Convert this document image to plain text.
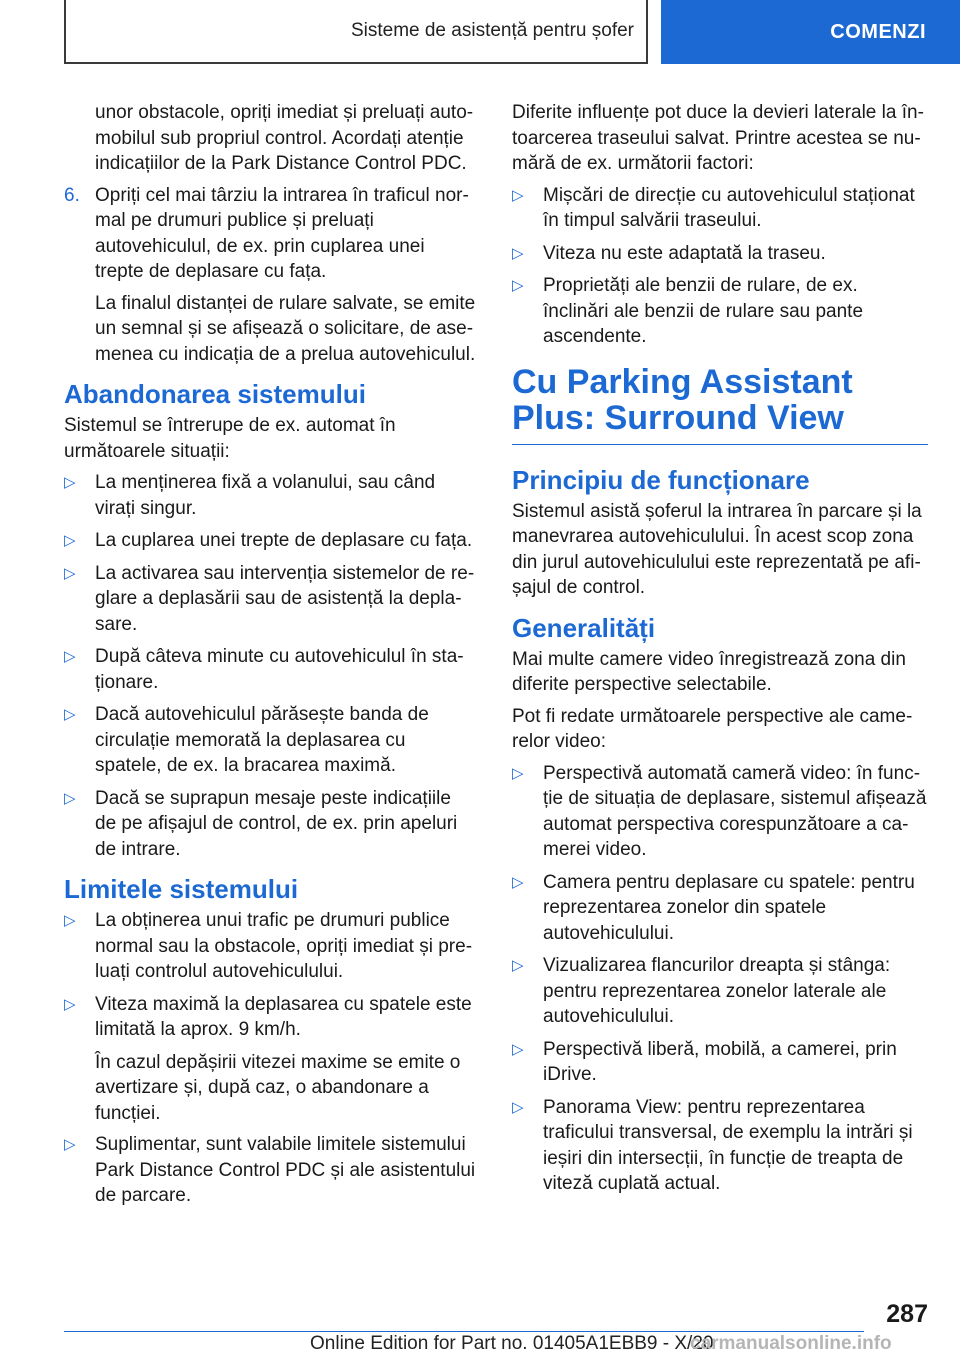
Sisteme de asistență pentru șofer	COMENZI

unor obstacole, opriți imediat și preluați automobilul sub propriul control. Acordați atenție indicațiilor de la Park Distance Control PDC.

6. Opriți cel mai târziu la intrarea în traficul normal pe drumuri publice și preluați autovehiculul, de ex. prin cuplarea unei trepte de deplasare cu fața.

La finalul distanței de rulare salvate, se emite un semnal și se afișează o solicitare, de asemenea cu indicația de a prelua autovehiculul.

Abandonarea sistemului

Sistemul se întrerupe de ex. automat în următoarele situații:

▷	La menținerea fixă a volanului, sau când virați singur.
▷	La cuplarea unei trepte de deplasare cu fața.
▷	La activarea sau intervenția sistemelor de reglare a deplasării sau de asistență la deplasare.
▷	După câteva minute cu autovehiculul în staționare.
▷	Dacă autovehiculul părăsește banda de circulație memorată la deplasarea cu spatele, de ex. la bracarea maximă.
▷	Dacă se suprapun mesaje peste indicațiile de pe afișajul de control, de ex. prin apeluri de intrare.
Limitele sistemului
▷	La obținerea unui trafic pe drumuri publice normal sau la obstacole, opriți imediat și preluați controlul autovehiculului.
▷	Viteza maximă la deplasarea cu spatele este limitată la aprox. 9 km/h.

În cazul depășirii vitezei maxime se emite o avertizare și, după caz, o abandonare a funcției.

▷	Suplimentar, sunt valabile limitele sistemului Park Distance Control PDC și ale asistentului de parcare.

Diferite influențe pot duce la devieri laterale la întoarcerea traseului salvat. Printre acestea se numără de ex. următorii factori:

▷	Mișcări de direcție cu autovehiculul staționat în timpul salvării traseului.
▷	Viteza nu este adaptată la traseu.
▷	Proprietăți ale benzii de rulare, de ex. înclinări ale benzii de rulare sau pante ascendente.
Cu Parking Assistant Plus: Surround View
Principiu de funcționare

Sistemul asistă șoferul la intrarea în parcare și la manevrarea autovehiculului. În acest scop zona din jurul autovehiculului este reprezentată pe afișajul de control.

Generalități

Mai multe camere video înregistrează zona din diferite perspective selectabile.

Pot fi redate următoarele perspective ale camerelor video:

▷	Perspectivă automată cameră video: în funcție de situația de deplasare, sistemul afișează automat perspectiva corespunzătoare a camerei video.
▷	Camera pentru deplasare cu spatele: pentru reprezentarea zonelor din spatele autovehiculului.
▷	Vizualizarea flancurilor dreapta și stânga: pentru reprezentarea zonelor laterale ale autovehiculului.
▷	Perspectivă liberă, mobilă, a camerei, prin iDrive.
▷	Panorama View: pentru reprezentarea traficului transversal, de exemplu la intrări și ieșiri din intersecții, în funcție de treapta de viteză cuplată actual.
287
Online Edition for Part no. 01405A1EBB9 - X/20
carmanualsonline.info
